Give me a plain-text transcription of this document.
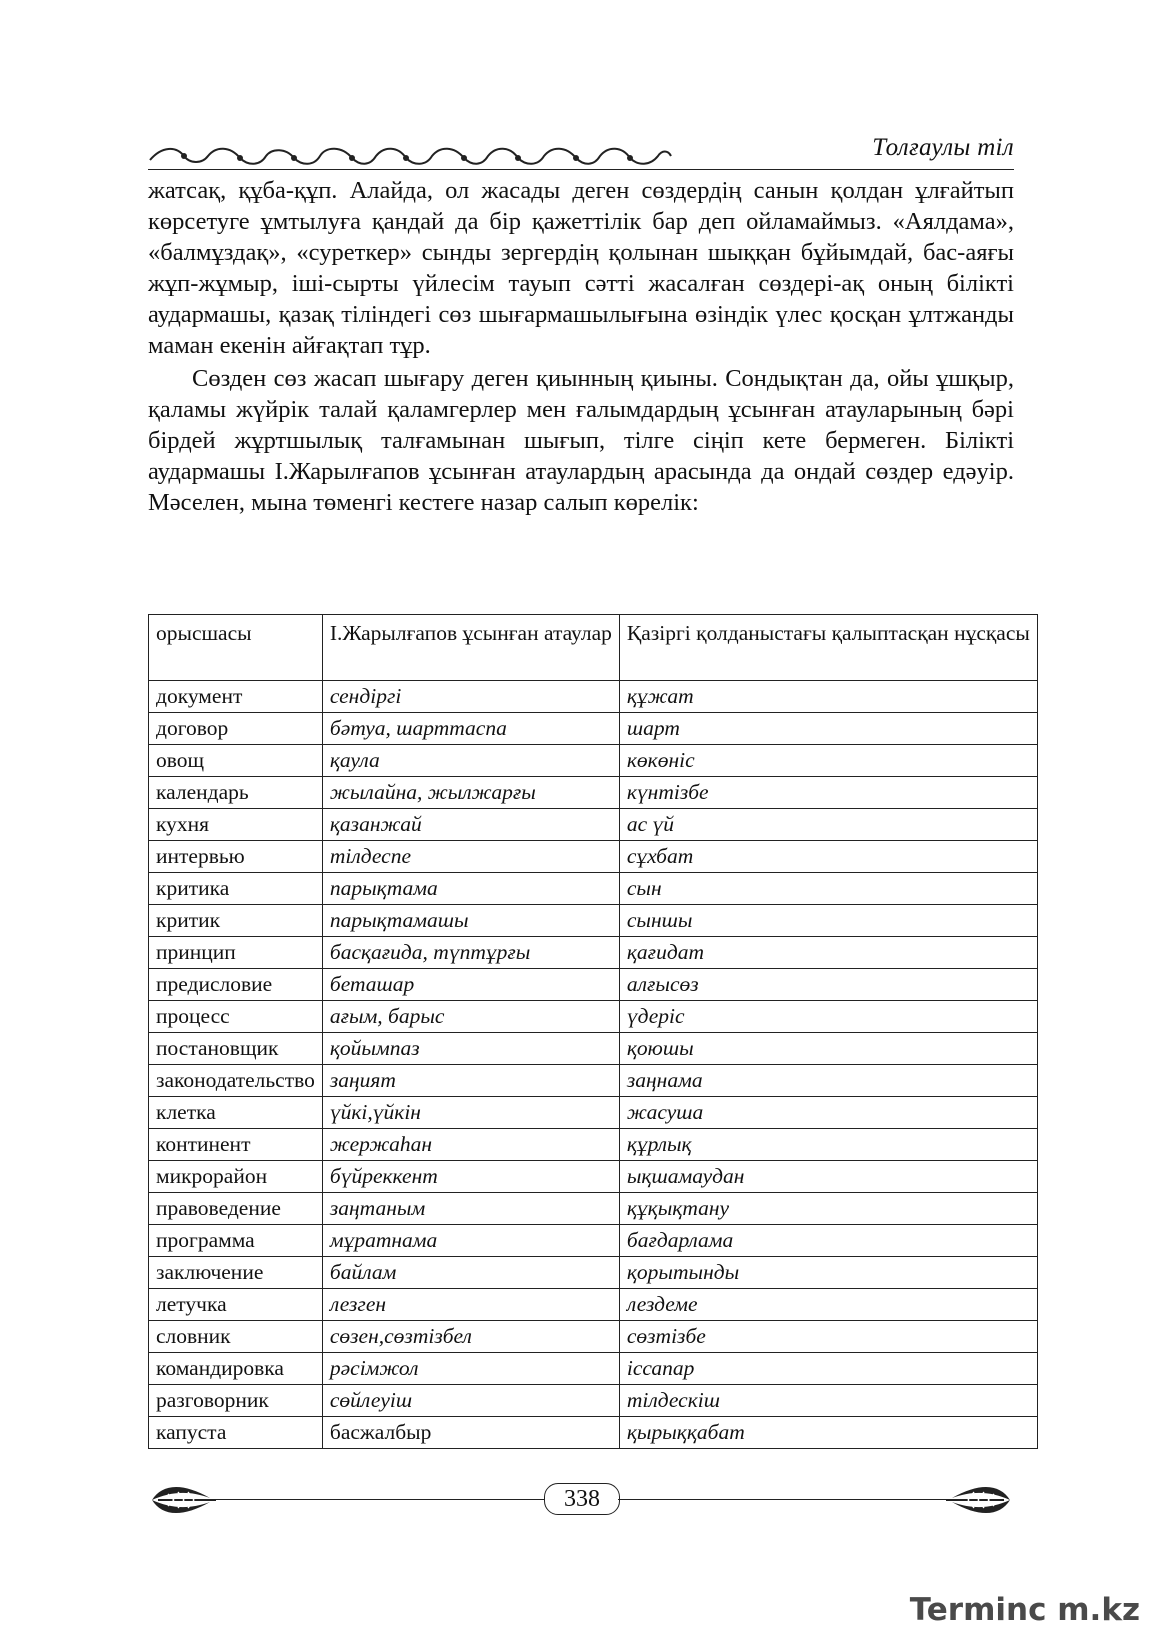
Толғаулы тіл

жатсақ, құба-құп. Алайда, ол жасады деген сөздердің санын қолдан ұлғайтып көрсетуге ұмтылуға қандай да бір қажеттілік бар деп ойламаймыз. «Аялдама», «балмұздақ», «суреткер» сынды зергердің қолынан шыққан бұйымдай, бас-аяғы жұп-жұмыр, іші-сырты үйлесім тауып сәтті жасалған сөздері-ақ оның білікті аудармашы, қазақ тіліндегі сөз шығармашылығына өзіндік үлес қосқан ұлтжанды маман екенін айғақтап тұр.

Сөзден сөз жасап шығару деген қиынның қиыны. Сондықтан да, ойы ұшқыр, қаламы жүйрік талай қаламгерлер мен ғалымдардың ұсынған атауларының бәрі бірдей жұртшылық талғамынан шығып, тілге сіңіп кете бермеген. Білікті аудармашы І.Жарылғапов ұсынған атаулардың арасында да ондай сөздер едәуір. Мәселен, мына төменгі кестеге назар салып көрелік:

орысшасы	І.Жарылғапов ұсынған атаулар	Қазіргі қолданыстағы қалыптасқан нұсқасы
документ	сендіргі	құжат
договор	бәтуа, шарттаспа	шарт
овощ	қаула	көкөніс
календарь	жылайна, жылжарғы	күнтізбе
кухня	қазанжай	ас үй
интервью	тілдеспе	сұхбат
критика	парықтама	сын
критик	парықтамашы	сыншы
принцип	басқағида, түптұрғы	қағидат
предисловие	беташар	алғысөз
процесс	ағым, барыс	үдеріс
постановщик	қойымпаз	қоюшы
законодательство	заңият	заңнама
клетка	үйкі,үйкін	жасуша
континент	жержаһан	құрлық
микрорайон	бүйреккент	ықшамаудан
правоведение	заңтаным	құқықтану
программа	мұратнама	бағдарлама
заключение	байлам	қорытынды
летучка	лезген	лездеме
словник	сөзен,сөзтізбел	сөзтізбе
командировка	рәсімжол	іссапар
разговорник	сөйлеуіш	тілдескіш
капуста	басжалбыр	қырыққабат
338
Terminc m.kz
